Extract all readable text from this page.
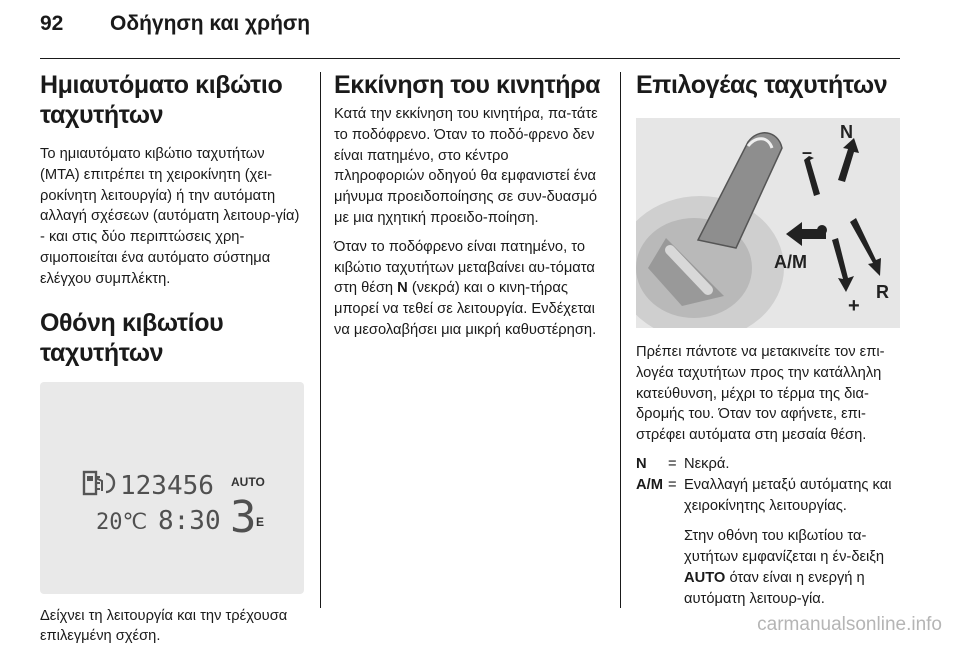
92 Οδήγηση και χρήση
Ημιαυτόματο κιβώτιο ταχυτήτων

Το ημιαυτόματο κιβώτιο ταχυτήτων (MTA) επιτρέπει τη χειροκίνητη (χει-ροκίνητη λειτουργία) ή την αυτόματη αλλαγή σχέσεων (αυτόματη λειτουρ-γία) - και στις δύο περιπτώσεις χρη-σιμοποιείται ένα αυτόματο σύστημα ελέγχου συμπλέκτη.

Οθόνη κιβωτίου ταχυτήτων
123456
20℃ 8:30
AUTO
3 E

Δείχνει τη λειτουργία και την τρέχουσα επιλεγμένη σχέση.

Εκκίνηση του κινητήρα

Κατά την εκκίνηση του κινητήρα, πα-τάτε το ποδόφρενο. Όταν το ποδό-φρενο δεν είναι πατημένο, στο κέντρο πληροφοριών οδηγού θα εμφανιστεί ένα μήνυμα προειδοποίησης σε συν-δυασμό με μια ηχητική προειδο-ποίηση.

Όταν το ποδόφρενο είναι πατημένο, το κιβώτιο ταχυτήτων μεταβαίνει αυ-τόματα στη θέση N (νεκρά) και ο κινη-τήρας μπορεί να τεθεί σε λειτουργία. Ενδέχεται να μεσολαβήσει μια μικρή καθυστέρηση.

Επιλογέας ταχυτήτων
N
–
A/M
+
R

Πρέπει πάντοτε να μετακινείτε τον επι-λογέα ταχυτήτων προς την κατάλληλη κατεύθυνση, μέχρι το τέρμα της δια-δρομής του. Όταν τον αφήνετε, επι-στρέφει αυτόματα στη μεσαία θέση.

N	= Νεκρά.
A/M = Εναλλαγή μεταξύ αυτόματης και χειροκίνητης λειτουργίας.

Στην οθόνη του κιβωτίου τα-χυτήτων εμφανίζεται η έν-δειξη AUTO όταν είναι η ενεργή η αυτόματη λειτουρ-γία.

carmanualsonline.info
